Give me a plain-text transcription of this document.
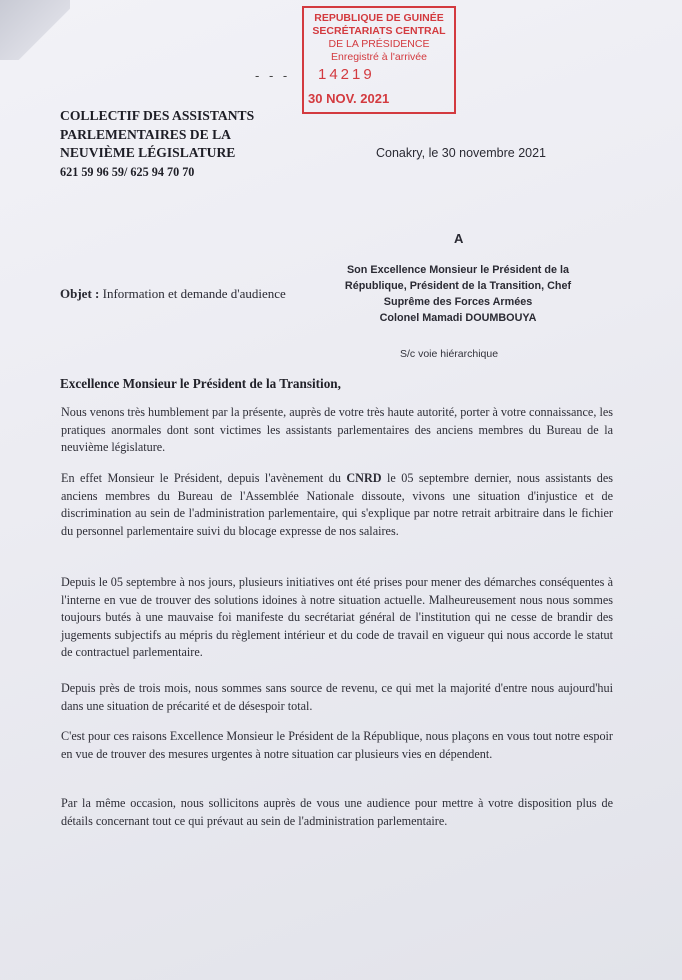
REPUBLIQUE DE GUINÉE
SECRÉTARIATS CENTRAL
DE LA PRÉSIDENCE
Enregistré à l'arrivée
14219
30 NOV. 2021
- - -
COLLECTIF DES ASSISTANTS
PARLEMENTAIRES DE LA
NEUVIÈME LÉGISLATURE
621 59 96 59/ 625 94 70 70
Conakry, le 30 novembre 2021
A
Son Excellence Monsieur le Président de la
République, Président de la Transition, Chef
Suprême des Forces Armées
Colonel Mamadi DOUMBOUYA
S/c voie hiérarchique
Objet : Information et demande d'audience
Excellence Monsieur le Président de la Transition,
Nous venons très humblement par la présente, auprès de votre très haute autorité, porter à votre connaissance, les pratiques anormales dont sont victimes les assistants parlementaires des anciens membres du Bureau de la neuvième législature.
En effet Monsieur le Président, depuis l'avènement du CNRD le 05 septembre dernier, nous assistants des anciens membres du Bureau de l'Assemblée Nationale dissoute, vivons une situation d'injustice et de discrimination au sein de l'administration parlementaire, qui s'explique par notre retrait arbitraire dans le fichier du personnel parlementaire suivi du blocage expresse de nos salaires.
Depuis le 05 septembre à nos jours, plusieurs initiatives ont été prises pour mener des démarches conséquentes à l'interne en vue de trouver des solutions idoines à notre situation actuelle. Malheureusement nous nous sommes toujours butés à une mauvaise foi manifeste du secrétariat général de l'institution qui ne cesse de brandir des jugements subjectifs au mépris du règlement intérieur et du code de travail en vigueur qui nous accorde le statut de contractuel parlementaire.
Depuis près de trois mois, nous sommes sans source de revenu, ce qui met la majorité d'entre nous aujourd'hui dans une situation de précarité et de désespoir total.
C'est pour ces raisons Excellence Monsieur le Président de la République, nous plaçons en vous tout notre espoir en vue de trouver des mesures urgentes à notre situation car plusieurs vies en dépendent.
Par la même occasion, nous sollicitons auprès de vous une audience pour mettre à votre disposition plus de détails concernant tout ce qui prévaut au sein de l'administration parlementaire.
